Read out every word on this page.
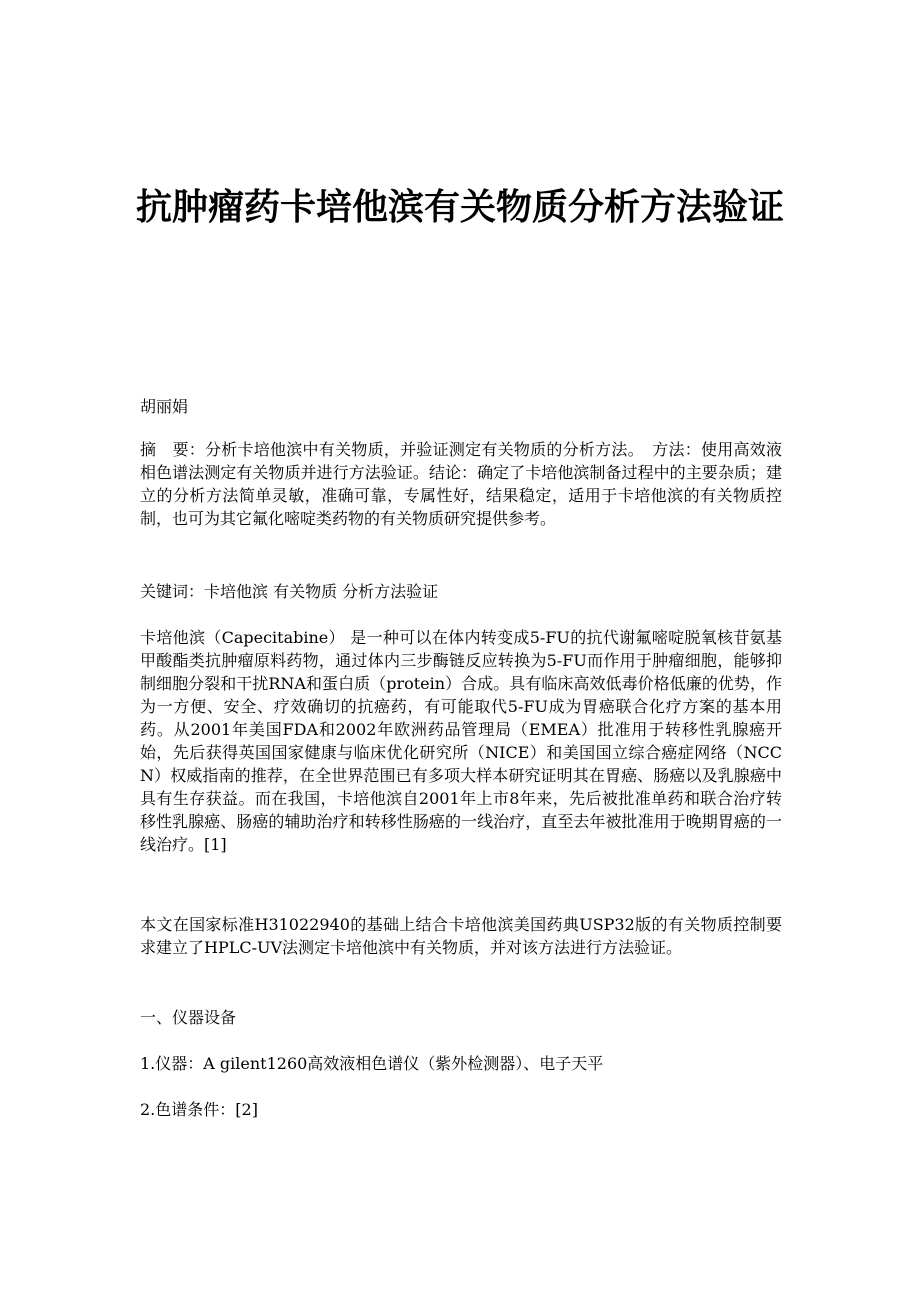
抗肿瘤药卡培他滨有关物质分析方法验证

胡丽娟

摘　要：分析卡培他滨中有关物质，并验证测定有关物质的分析方法。　方法：使用高效液相色谱法测定有关物质并进行方法验证。结论：确定了卡培他滨制备过程中的主要杂质；建立的分析方法简单灵敏，准确可靠，专属性好，结果稳定，适用于卡培他滨的有关物质控制，也可为其它氟化嘧啶类药物的有关物质研究提供参考。

关键词：卡培他滨 有关物质 分析方法验证

卡培他滨（Capecitabine） 是一种可以在体内转变成5-FU的抗代谢氟嘧啶脱氧核苷氨基甲酸酯类抗肿瘤原料药物，通过体内三步酶链反应转换为5-FU而作用于肿瘤细胞，能够抑制细胞分裂和干扰RNA和蛋白质（protein）合成。具有临床高效低毒价格低廉的优势，作为一方便、安全、疗效确切的抗癌药，有可能取代5-FU成为胃癌联合化疗方案的基本用药。从2001年美国FDA和2002年欧洲药品管理局（EMEA）批准用于转移性乳腺癌开始，先后获得英国国家健康与临床优化研究所（NICE）和美国国立综合癌症网络（NCCN）权威指南的推荐，在全世界范围已有多项大样本研究证明其在胃癌、肠癌以及乳腺癌中具有生存获益。而在我国，卡培他滨自2001年上市8年来，先后被批准单药和联合治疗转移性乳腺癌、肠癌的辅助治疗和转移性肠癌的一线治疗，直至去年被批准用于晚期胃癌的一线治疗。[1]

本文在国家标准H31022940的基础上结合卡培他滨美国药典USP32版的有关物质控制要求建立了HPLC-UV法测定卡培他滨中有关物质，并对该方法进行方法验证。

一、仪器设备

1.仪器：A gilent1260高效液相色谱仪（紫外检测器）、电子天平

2.色谱条件：[2]
